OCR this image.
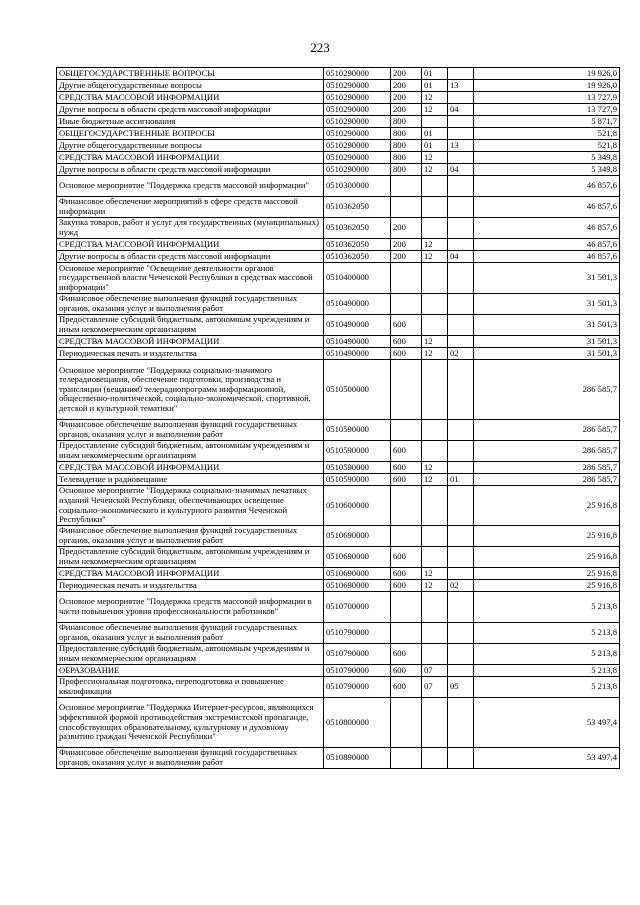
223
ОБЩЕГОСУДАРСТВЕННЫЕ ВОПРОСЫ	0510290000	200	01		19 926,0
Другие общегосударственные вопросы	0510290000	200	01	13	19 926,0
СРЕДСТВА МАССОВОЙ ИНФОРМАЦИИ	0510290000	200	12		13 727,9
Другие вопросы в области средств массовой информации	0510290000	200	12	04	13 727,9
Иные бюджетные ассигнования	0510290000	800			5 871,7
ОБЩЕГОСУДАРСТВЕННЫЕ ВОПРОСЫ	0510290000	800	01		521,8
Другие общегосударственные вопросы	0510290000	800	01	13	521,8
СРЕДСТВА МАССОВОЙ ИНФОРМАЦИИ	0510290000	800	12		5 349,8
Другие вопросы в области средств массовой информации	0510290000	800	12	04	5 349,8
Основное мероприятие "Поддержка средств массовой информации"	0510300000				46 857,6
Финансовое обеспечение мероприятий в сфере средств массовой информации	0510362050				46 857,6
Закупка товаров, работ и услуг для государственных (муниципальных) нужд	0510362050	200			46 857,6
СРЕДСТВА МАССОВОЙ ИНФОРМАЦИИ	0510362050	200	12		46 857,6
Другие вопросы в области средств массовой информации	0510362050	200	12	04	46 857,6
Основное мероприятие "Освещение деятельности органов государственной власти Чеченской Республики в средствах массовой информации"	0510400000				31 501,3
Финансовое обеспечение выполнения функций государственных органов, оказания услуг и выполнения работ	0510490000				31 501,3
Предоставление субсидий бюджетным, автономным учреждениям и иным некоммерческим организациям	0510490000	600			31 501,3
СРЕДСТВА МАССОВОЙ ИНФОРМАЦИИ	0510490000	600	12		31 501,3
Периодическая печать и издательства	0510490000	600	12	02	31 501,3
Основное мероприятие "Поддержка социально-значимого телерадиовещания, обеспечение подготовки, производства и трансляции (вещания0 телерадиопрограмм информационной, общественно-политической, социально-экономической, спортивной, детской и культурной тематики"	0510500000				286 585,7
Финансовое обеспечение выполнения функций государственных органов, оказания услуг и выполнения работ	0510590000				286 585,7
Предоставление субсидий бюджетным, автономным учреждениям и иным некоммерческим организациям	0510590000	600			286 585,7
СРЕДСТВА МАССОВОЙ ИНФОРМАЦИИ	0510590000	600	12		286 585,7
Телевидение и радиовещание	0510590000	600	12	01	286 585,7
Основное мероприятие "Поддержка социально-значимых печатных изданий Чеченской Республики, обеспечивающих освещение социально-экономического и культурного развития Чеченской Республики"	0510600000				25 916,8
Финансовое обеспечение выполнения функций государственных органов, оказания услуг и выполнения работ	0510690000				25 916,8
Предоставление субсидий бюджетным, автономным учреждениям и иным некоммерческим организациям	0510690000	600			25 916,8
СРЕДСТВА МАССОВОЙ ИНФОРМАЦИИ	0510690000	600	12		25 916,8
Периодическая печать и издательства	0510690000	600	12	02	25 916,8
Основное мероприятие "Поддержка средств массовой информации в части повышения уровня профессиональности работников"	0510700000				5 213,8
Финансовое обеспечение выполнения функций государственных органов, оказания услуг и выполнения работ	0510790000				5 213,8
Предоставление субсидий бюджетным, автономным учреждениям и иным некоммерческим организациям	0510790000	600			5 213,8
ОБРАЗОВАНИЕ	0510790000	600	07		5 213,8
Профессиональная подготовка, переподготовка и повышение квалификации	0510790000	600	07	05	5 213,8
Основное мероприятие "Поддержка Интернет-ресурсов, являющихся эффективной формой противодействия экстремистской пропаганде, способствующих образовательному, культурному и духовному развитию граждан Чеченской Республики"	0510800000				53 497,4
Финансовое обеспечение выполнения функций государственных органов, оказания услуг и выполнения работ	0510890000				53 497,4
